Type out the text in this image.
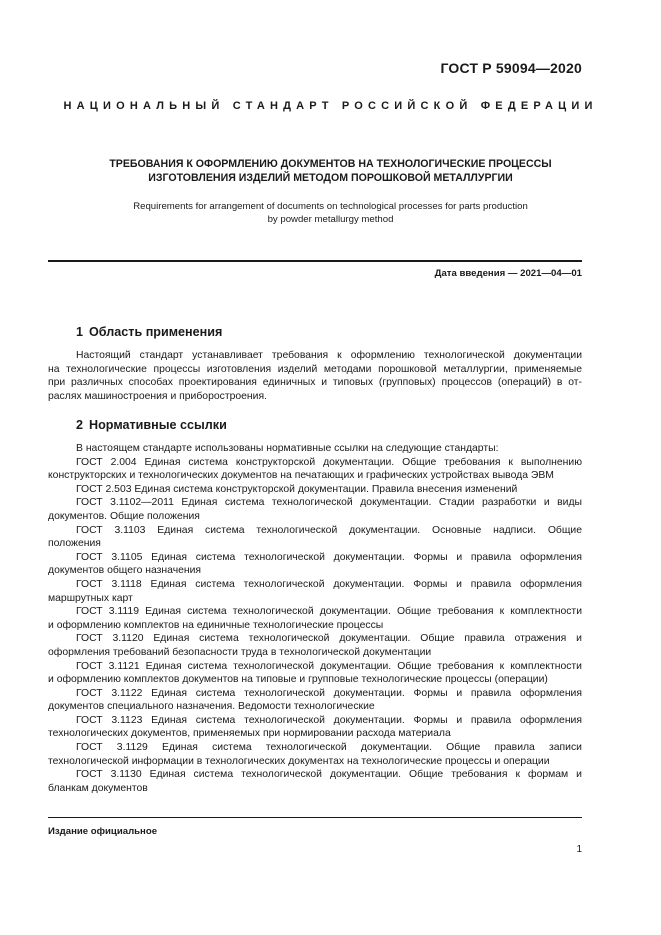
ГОСТ Р 59094—2020
НАЦИОНАЛЬНЫЙ СТАНДАРТ РОССИЙСКОЙ ФЕДЕРАЦИИ
ТРЕБОВАНИЯ К ОФОРМЛЕНИЮ ДОКУМЕНТОВ НА ТЕХНОЛОГИЧЕСКИЕ ПРОЦЕССЫ
ИЗГОТОВЛЕНИЯ ИЗДЕЛИЙ МЕТОДОМ ПОРОШКОВОЙ МЕТАЛЛУРГИИ
Requirements for arrangement of documents on technological processes for parts production
by powder metallurgy method
Дата введения — 2021—04—01
1 Область применения

Настоящий стандарт устанавливает требования к оформлению технологической документации

на технологические процессы изготовления изделий методами порошковой металлургии, применяемые

при различных способах проектирования единичных и типовых (групповых) процессов (операций) в от-

раслях машиностроения и приборостроения.

2 Нормативные ссылки

В настоящем стандарте использованы нормативные ссылки на следующие стандарты:

ГОСТ 2.004 Единая система конструкторской документации. Общие требования к выполнению

конструкторских и технологических документов на печатающих и графических устройствах вывода ЭВМ

ГОСТ 2.503 Единая система конструкторской документации. Правила внесения изменений

ГОСТ 3.1102—2011 Единая система технологической документации. Стадии разработки и виды

документов. Общие положения

ГОСТ 3.1103 Единая система технологической документации. Основные надписи. Общие

положения

ГОСТ 3.1105 Единая система технологической документации. Формы и правила оформления

документов общего назначения

ГОСТ 3.1118 Единая система технологической документации. Формы и правила оформления

маршрутных карт

ГОСТ 3.1119 Единая система технологической документации. Общие требования к комплектности

и оформлению комплектов на единичные технологические процессы

ГОСТ 3.1120 Единая система технологической документации. Общие правила отражения и

оформления требований безопасности труда в технологической документации

ГОСТ 3.1121 Единая система технологической документации. Общие требования к комплектности

и оформлению комплектов документов на типовые и групповые технологические процессы (операции)

ГОСТ 3.1122 Единая система технологической документации. Формы и правила оформления

документов специального назначения. Ведомости технологические

ГОСТ 3.1123 Единая система технологической документации. Формы и правила оформления

технологических документов, применяемых при нормировании расхода материала

ГОСТ 3.1129 Единая система технологической документации. Общие правила записи

технологической информации в технологических документах на технологические процессы и операции

ГОСТ 3.1130 Единая система технологической документации. Общие требования к формам и

бланкам документов

Издание официальное
1
